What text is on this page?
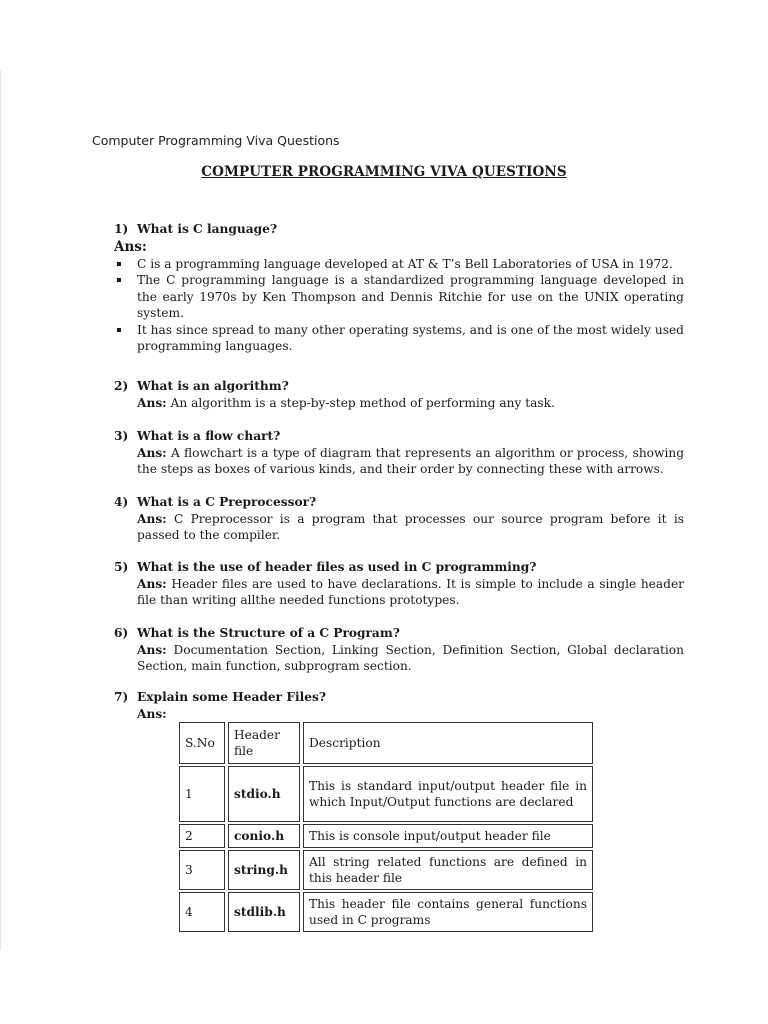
Computer Programming Viva Questions
COMPUTER PROGRAMMING VIVA QUESTIONS
1) What is C language?
Ans:
C is a programming language developed at AT & T’s Bell Laboratories of USA in 1972.
The C programming language is a standardized programming language developed in the early 1970s by Ken Thompson and Dennis Ritchie for use on the UNIX operating system.
It has since spread to many other operating systems, and is one of the most widely used programming languages.
2) What is an algorithm?
Ans: An algorithm is a step-by-step method of performing any task.
3) What is a flow chart?
Ans: A flowchart is a type of diagram that represents an algorithm or process, showing the steps as boxes of various kinds, and their order by connecting these with arrows.
4) What is a C Preprocessor?
Ans: C Preprocessor is a program that processes our source program before it is passed to the compiler.
5) What is the use of header files as used in C programming?
Ans: Header files are used to have declarations. It is simple to include a single header file than writing allthe needed functions prototypes.
6) What is the Structure of a C Program?
Ans: Documentation Section, Linking Section, Definition Section, Global declaration Section, main function, subprogram section.
7) Explain some Header Files?
Ans:
S.No	Header file	Description
1	stdio.h	This is standard input/output header file in which Input/Output functions are declared
2	conio.h	This is console input/output header file
3	string.h	All string related functions are defined in this header file
4	stdlib.h	This header file contains general functions used in C programs
